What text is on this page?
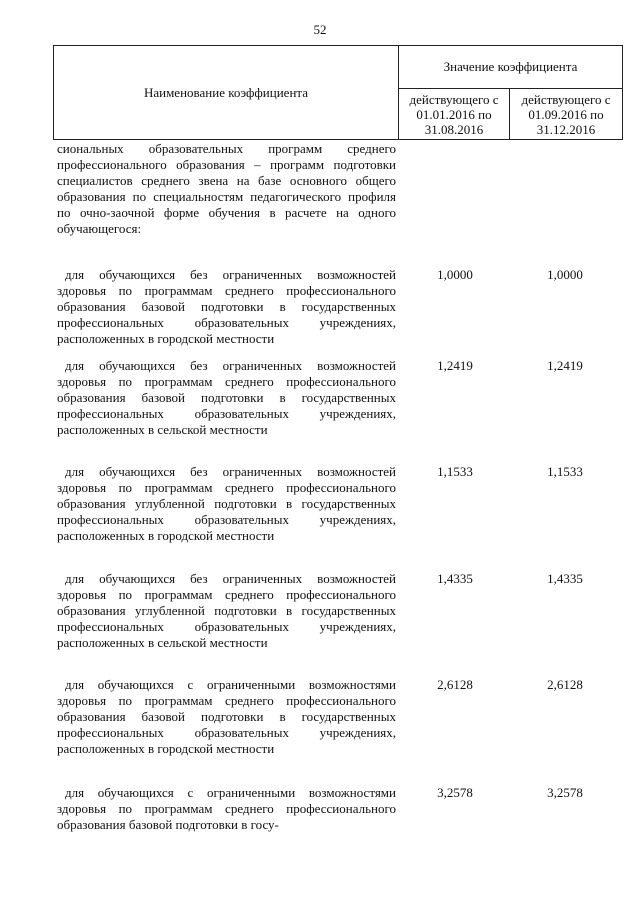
52
Наименование коэффициента
Значение коэффициента
действующего с 01.01.2016 по 31.08.2016
действующего с 01.09.2016 по 31.12.2016
сиональных образовательных программ среднего профессионального образования – программ подготовки специалистов среднего звена на базе основного общего образования по специальностям педагогического профиля по очно-заочной форме обучения в расчете на одного обучающегося:
для обучающихся без ограниченных возможностей здоровья по программам среднего профессионального образования базовой подготовки в государственных профессиональных образовательных учреждениях, расположенных в городской местности
1,0000	1,0000
для обучающихся без ограниченных возможностей здоровья по программам среднего профессионального образования базовой подготовки в государственных профессиональных образовательных учреждениях, расположенных в сельской местности
1,2419	1,2419
для обучающихся без ограниченных возможностей здоровья по программам среднего профессионального образования углубленной подготовки в государственных профессиональных образовательных учреждениях, расположенных в городской местности
1,1533	1,1533
для обучающихся без ограниченных возможностей здоровья по программам среднего профессионального образования углубленной подготовки в государственных профессиональных образовательных учреждениях, расположенных в сельской местности
1,4335	1,4335
для обучающихся с ограниченными возможностями здоровья по программам среднего профессионального образования базовой подготовки в государственных профессиональных образовательных учреждениях, расположенных в городской местности
2,6128	2,6128
для обучающихся с ограниченными возможностями здоровья по программам среднего профессионального образования базовой подготовки в госу-
3,2578	3,2578
